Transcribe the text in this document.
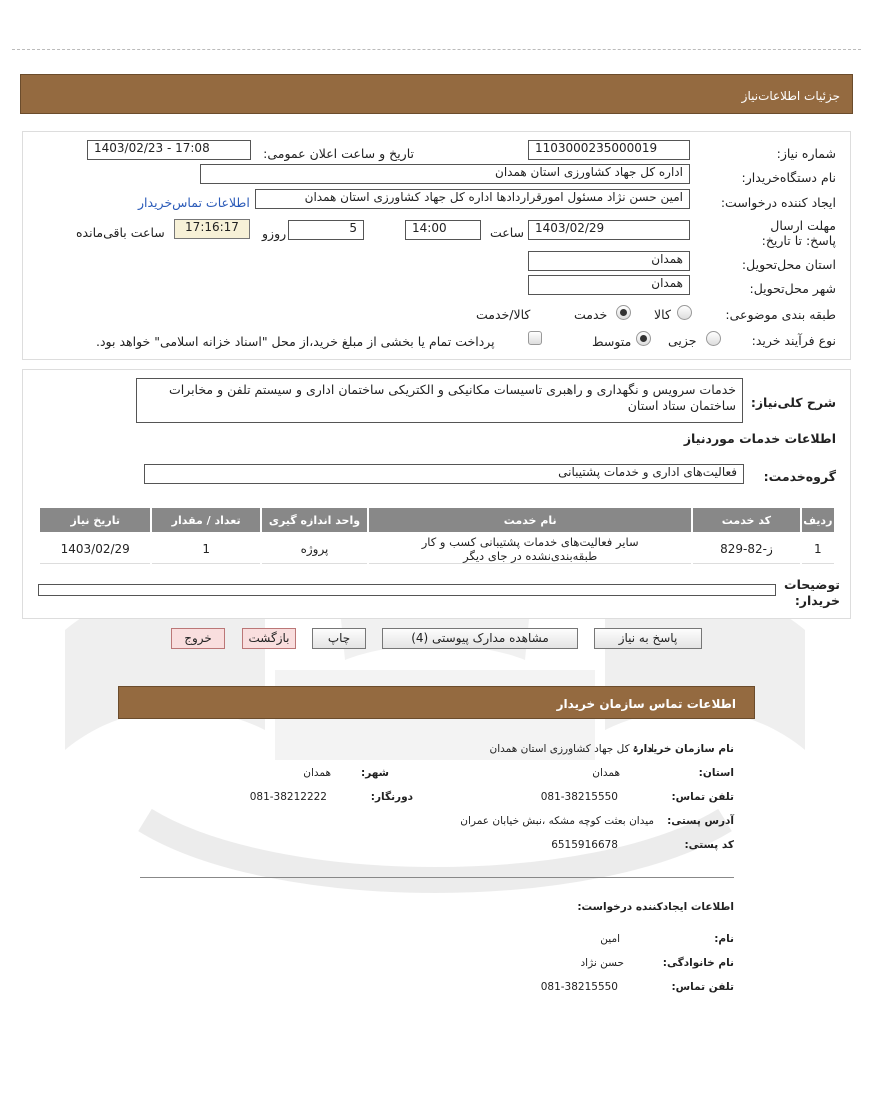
جزئیات اطلاعات‌نیاز
شماره نیاز:
1103000235000019
تاریخ و ساعت اعلان عمومی:
1403/02/23 - 17:08
نام دستگاه‌خریدار:
اداره کل جهاد کشاورزی استان همدان
ایجاد کننده درخواست:
امین حسن نژاد مسئول امورقراردادها اداره کل جهاد کشاورزی استان همدان
اطلاعات تماس‌خریدار
مهلت ارسال پاسخ: تا تاریخ:
1403/02/29
ساعت
14:00
5
روزو
17:16:17
ساعت باقی‌مانده
استان محل‌تحویل:
همدان
شهر محل‌تحویل:
همدان
طبقه بندی موضوعی:
کالا
خدمت
کالا/خدمت
نوع فرآیند خرید:
جزیی
متوسط
پرداخت تمام یا بخشی از مبلغ خرید،از محل "اسناد خزانه اسلامی" خواهد بود.
شرح کلی‌نیاز:
خدمات سرویس و نگهداری و راهبری تاسیسات مکانیکی و الکتریکی ساختمان اداری و سیستم تلفن و مخابرات ساختمان ستاد استان
اطلاعات خدمات موردنیاز
گروه‌خدمت:
فعالیت‌های اداری و خدمات پشتیبانی
ردیف	کد خدمت	نام خدمت	واحد اندازه گیری	تعداد / مقدار	تاریخ نیاز
1	ز-82-829	سایر فعالیت‌های خدمات پشتیبانی کسب و کار طبقه‌بندی‌نشده در جای دیگر	پروژه	1	1403/02/29
توضیحات خریدار:
پاسخ به نیاز
مشاهده مدارک پیوستی (4)
چاپ
بازگشت
خروج
اطلاعات تماس سازمان خریدار
نام سازمان خریدار:
اداره کل جهاد کشاورزی استان همدان
استان:
همدان
شهر:
همدان
تلفن تماس:
081-38215550
دورنگار:
081-38212222
آدرس پستی:
میدان بعثت کوچه مشکه ،نبش خیابان عمران
کد پستی:
6515916678
اطلاعات ایجادکننده درخواست:
نام:
امین
نام خانوادگی:
حسن نژاد
تلفن تماس:
081-38215550
